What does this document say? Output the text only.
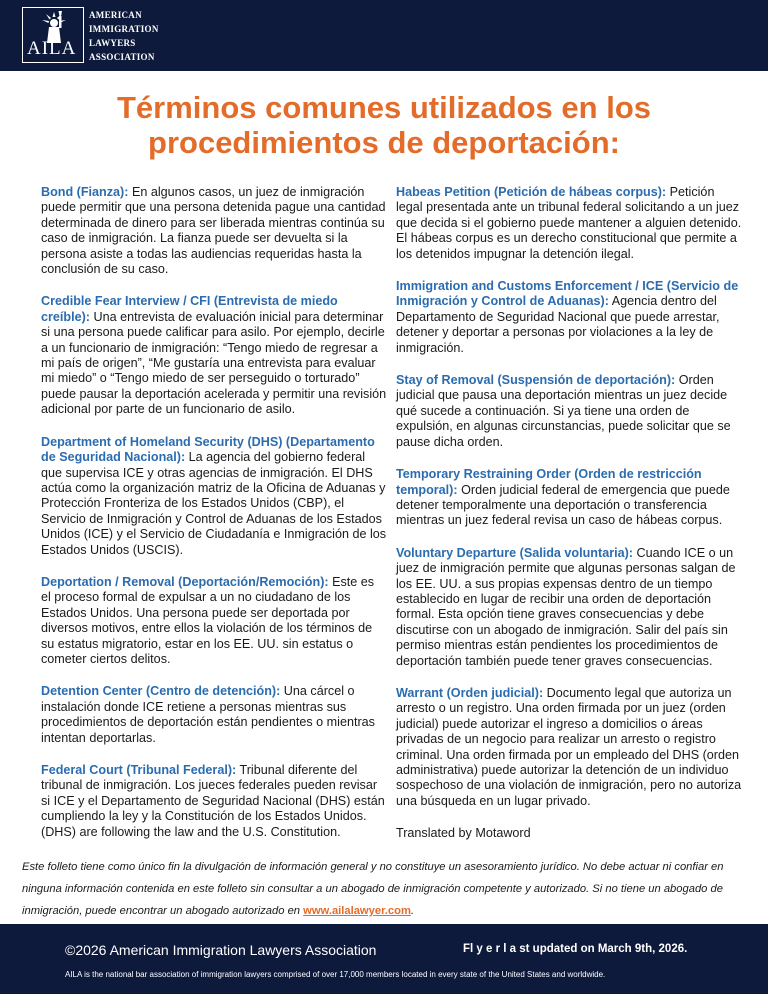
AILA
AMERICAN
IMMIGRATION
LAWYERS
ASSOCIATION
Términos comunes utilizados en los
procedimientos de deportación:

Bond (Fianza): En algunos casos, un juez de inmigración puede permitir que una persona detenida pague una cantidad determinada de dinero para ser liberada mientras continúa su caso de inmigración. La fianza puede ser devuelta si la persona asiste a todas las audiencias requeridas hasta la conclusión de su caso.

Credible Fear Interview / CFI (Entrevista de miedo creíble): Una entrevista de evaluación inicial para determinar si una persona puede calificar para asilo. Por ejemplo, decirle a un funcionario de inmigración: “Tengo miedo de regresar a mi país de origen”, “Me gustaría una entrevista para evaluar mi miedo” o “Tengo miedo de ser perseguido o torturado” puede pausar la deportación acelerada y permitir una revisión adicional por parte de un funcionario de asilo.

Department of Homeland Security (DHS) (Departamento de Seguridad Nacional): La agencia del gobierno federal que supervisa ICE y otras agencias de inmigración. El DHS actúa como la organización matriz de la Oficina de Aduanas y Protección Fronteriza de los Estados Unidos (CBP), el Servicio de Inmigración y Control de Aduanas de los Estados Unidos (ICE) y el Servicio de Ciudadanía e Inmigración de los Estados Unidos (USCIS).

Deportation / Removal (Deportación/Remoción): Este es el proceso formal de expulsar a un no ciudadano de los Estados Unidos. Una persona puede ser deportada por diversos motivos, entre ellos la violación de los términos de su estatus migratorio, estar en los EE. UU. sin estatus o cometer ciertos delitos.

Detention Center (Centro de detención): Una cárcel o instalación donde ICE retiene a personas mientras sus procedimientos de deportación están pendientes o mientras intentan deportarlas.

Federal Court (Tribunal Federal): Tribunal diferente del tribunal de inmigración. Los jueces federales pueden revisar si ICE y el Departamento de Seguridad Nacional (DHS) están cumpliendo la ley y la Constitución de los Estados Unidos.(DHS) are following the law and the U.S. Constitution.

Habeas Petition (Petición de hábeas corpus): Petición legal presentada ante un tribunal federal solicitando a un juez que decida si el gobierno puede mantener a alguien detenido. El hábeas corpus es un derecho constitucional que permite a los detenidos impugnar la detención ilegal.

Immigration and Customs Enforcement / ICE (Servicio de Inmigración y Control de Aduanas): Agencia dentro del Departamento de Seguridad Nacional que puede arrestar, detener y deportar a personas por violaciones a la ley de inmigración.

Stay of Removal (Suspensión de deportación): Orden judicial que pausa una deportación mientras un juez decide qué sucede a continuación. Si ya tiene una orden de expulsión, en algunas circunstancias, puede solicitar que se pause dicha orden.

Temporary Restraining Order (Orden de restricción temporal): Orden judicial federal de emergencia que puede detener temporalmente una deportación o transferencia mientras un juez federal revisa un caso de hábeas corpus.

Voluntary Departure (Salida voluntaria): Cuando ICE o un juez de inmigración permite que algunas personas salgan de los EE. UU. a sus propias expensas dentro de un tiempo establecido en lugar de recibir una orden de deportación formal. Esta opción tiene graves consecuencias y debe discutirse con un abogado de inmigración. Salir del país sin permiso mientras están pendientes los procedimientos de deportación también puede tener graves consecuencias.

Warrant (Orden judicial): Documento legal que autoriza un arresto o un registro. Una orden firmada por un juez (orden judicial) puede autorizar el ingreso a domicilios o áreas privadas de un negocio para realizar un arresto o registro criminal. Una orden firmada por un empleado del DHS (orden administrativa) puede autorizar la detención de un individuo sospechoso de una violación de inmigración, pero no autoriza una búsqueda en un lugar privado.

Translated by Motaword

Este folleto tiene como único fin la divulgación de información general y no constituye un asesoramiento jurídico. No debe actuar ni confiar en ninguna información contenida en este folleto sin consultar a un abogado de inmigración competente y autorizado. Si no tiene un abogado de inmigración, puede encontrar un abogado autorizado en www.ailalawyer.com.

©2026 American Immigration Lawyers Association	Fl y e r l a st updated on March 9th, 2026.
AILA is the national bar association of immigration lawyers comprised of over 17,000 members located in every state of the United States and worldwide.
